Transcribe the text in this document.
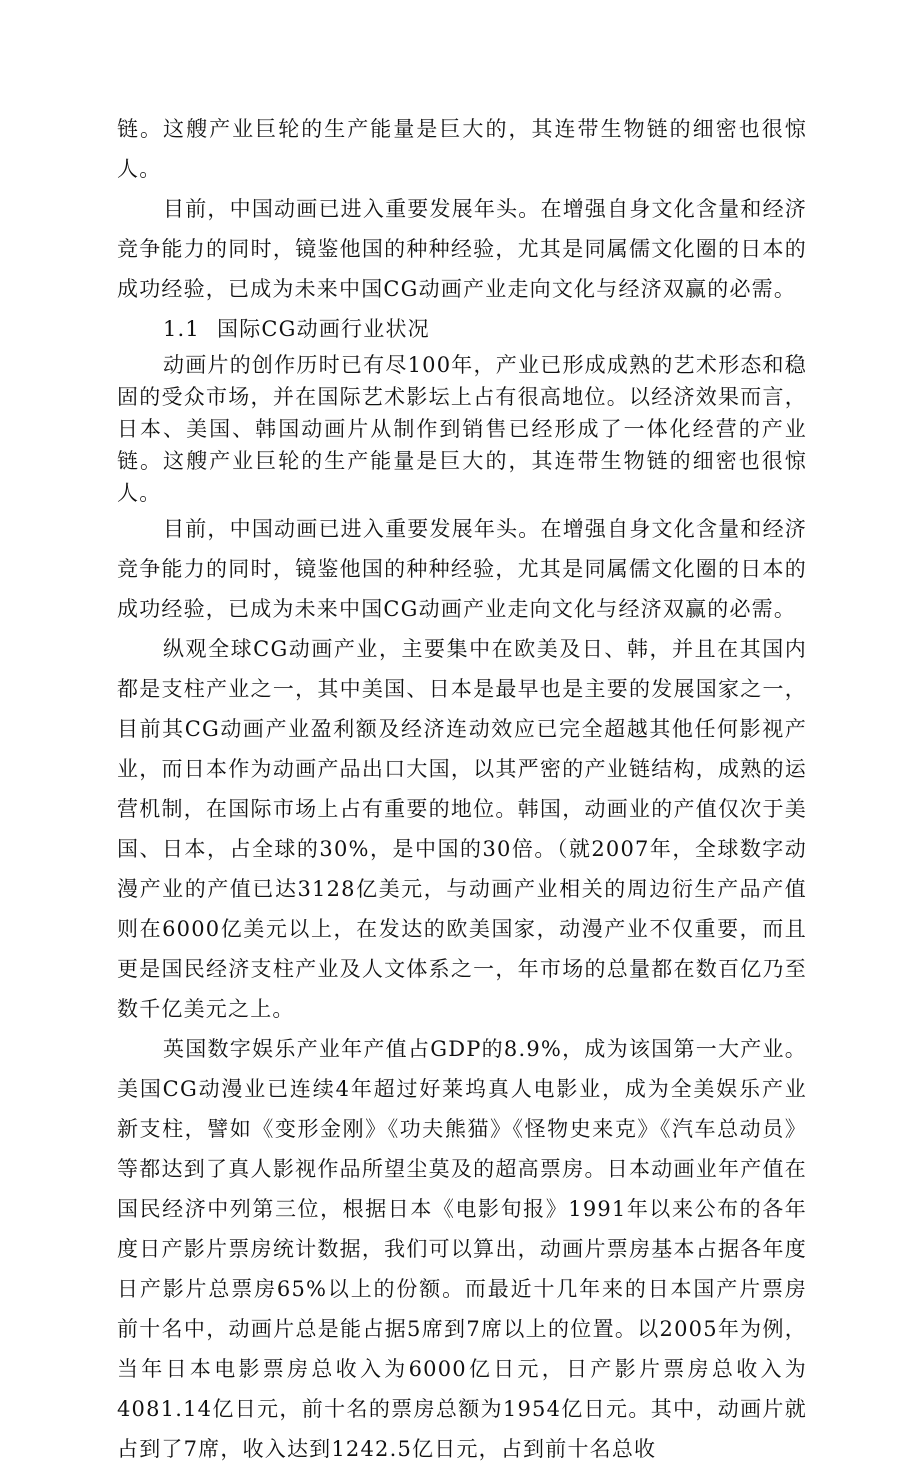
链。这艘产业巨轮的生产能量是巨大的，其连带生物链的细密也很惊人。

目前，中国动画已进入重要发展年头。在增强自身文化含量和经济竞争能力的同时，镜鉴他国的种种经验，尤其是同属儒文化圈的日本的成功经验，已成为未来中国CG动画产业走向文化与经济双赢的必需。

1.1 国际CG动画行业状况

动画片的创作历时已有尽100年，产业已形成成熟的艺术形态和稳固的受众市场，并在国际艺术影坛上占有很高地位。以经济效果而言，日本、美国、韩国动画片从制作到销售已经形成了一体化经营的产业链。这艘产业巨轮的生产能量是巨大的，其连带生物链的细密也很惊人。

目前，中国动画已进入重要发展年头。在增强自身文化含量和经济竞争能力的同时，镜鉴他国的种种经验，尤其是同属儒文化圈的日本的成功经验，已成为未来中国CG动画产业走向文化与经济双赢的必需。

纵观全球CG动画产业，主要集中在欧美及日、韩，并且在其国内都是支柱产业之一，其中美国、日本是最早也是主要的发展国家之一，目前其CG动画产业盈利额及经济连动效应已完全超越其他任何影视产业，而日本作为动画产品出口大国，以其严密的产业链结构，成熟的运营机制，在国际市场上占有重要的地位。韩国，动画业的产值仅次于美国、日本，占全球的30%，是中国的30倍。（就2007年，全球数字动漫产业的产值已达3128亿美元，与动画产业相关的周边衍生产品产值则在6000亿美元以上，在发达的欧美国家，动漫产业不仅重要，而且更是国民经济支柱产业及人文体系之一，年市场的总量都在数百亿乃至数千亿美元之上。

英国数字娱乐产业年产值占GDP的8.9%，成为该国第一大产业。美国CG动漫业已连续4年超过好莱坞真人电影业，成为全美娱乐产业新支柱，譬如《变形金刚》《功夫熊猫》《怪物史来克》《汽车总动员》等都达到了真人影视作品所望尘莫及的超高票房。日本动画业年产值在国民经济中列第三位，根据日本《电影旬报》1991年以来公布的各年度日产影片票房统计数据，我们可以算出，动画片票房基本占据各年度日产影片总票房65%以上的份额。而最近十几年来的日本国产片票房前十名中，动画片总是能占据5席到7席以上的位置。以2005年为例，当年日本电影票房总收入为6000亿日元，日产影片票房总收入为4081.14亿日元，前十名的票房总额为1954亿日元。其中，动画片就占到了7席，收入达到1242.5亿日元，占到前十名总收
